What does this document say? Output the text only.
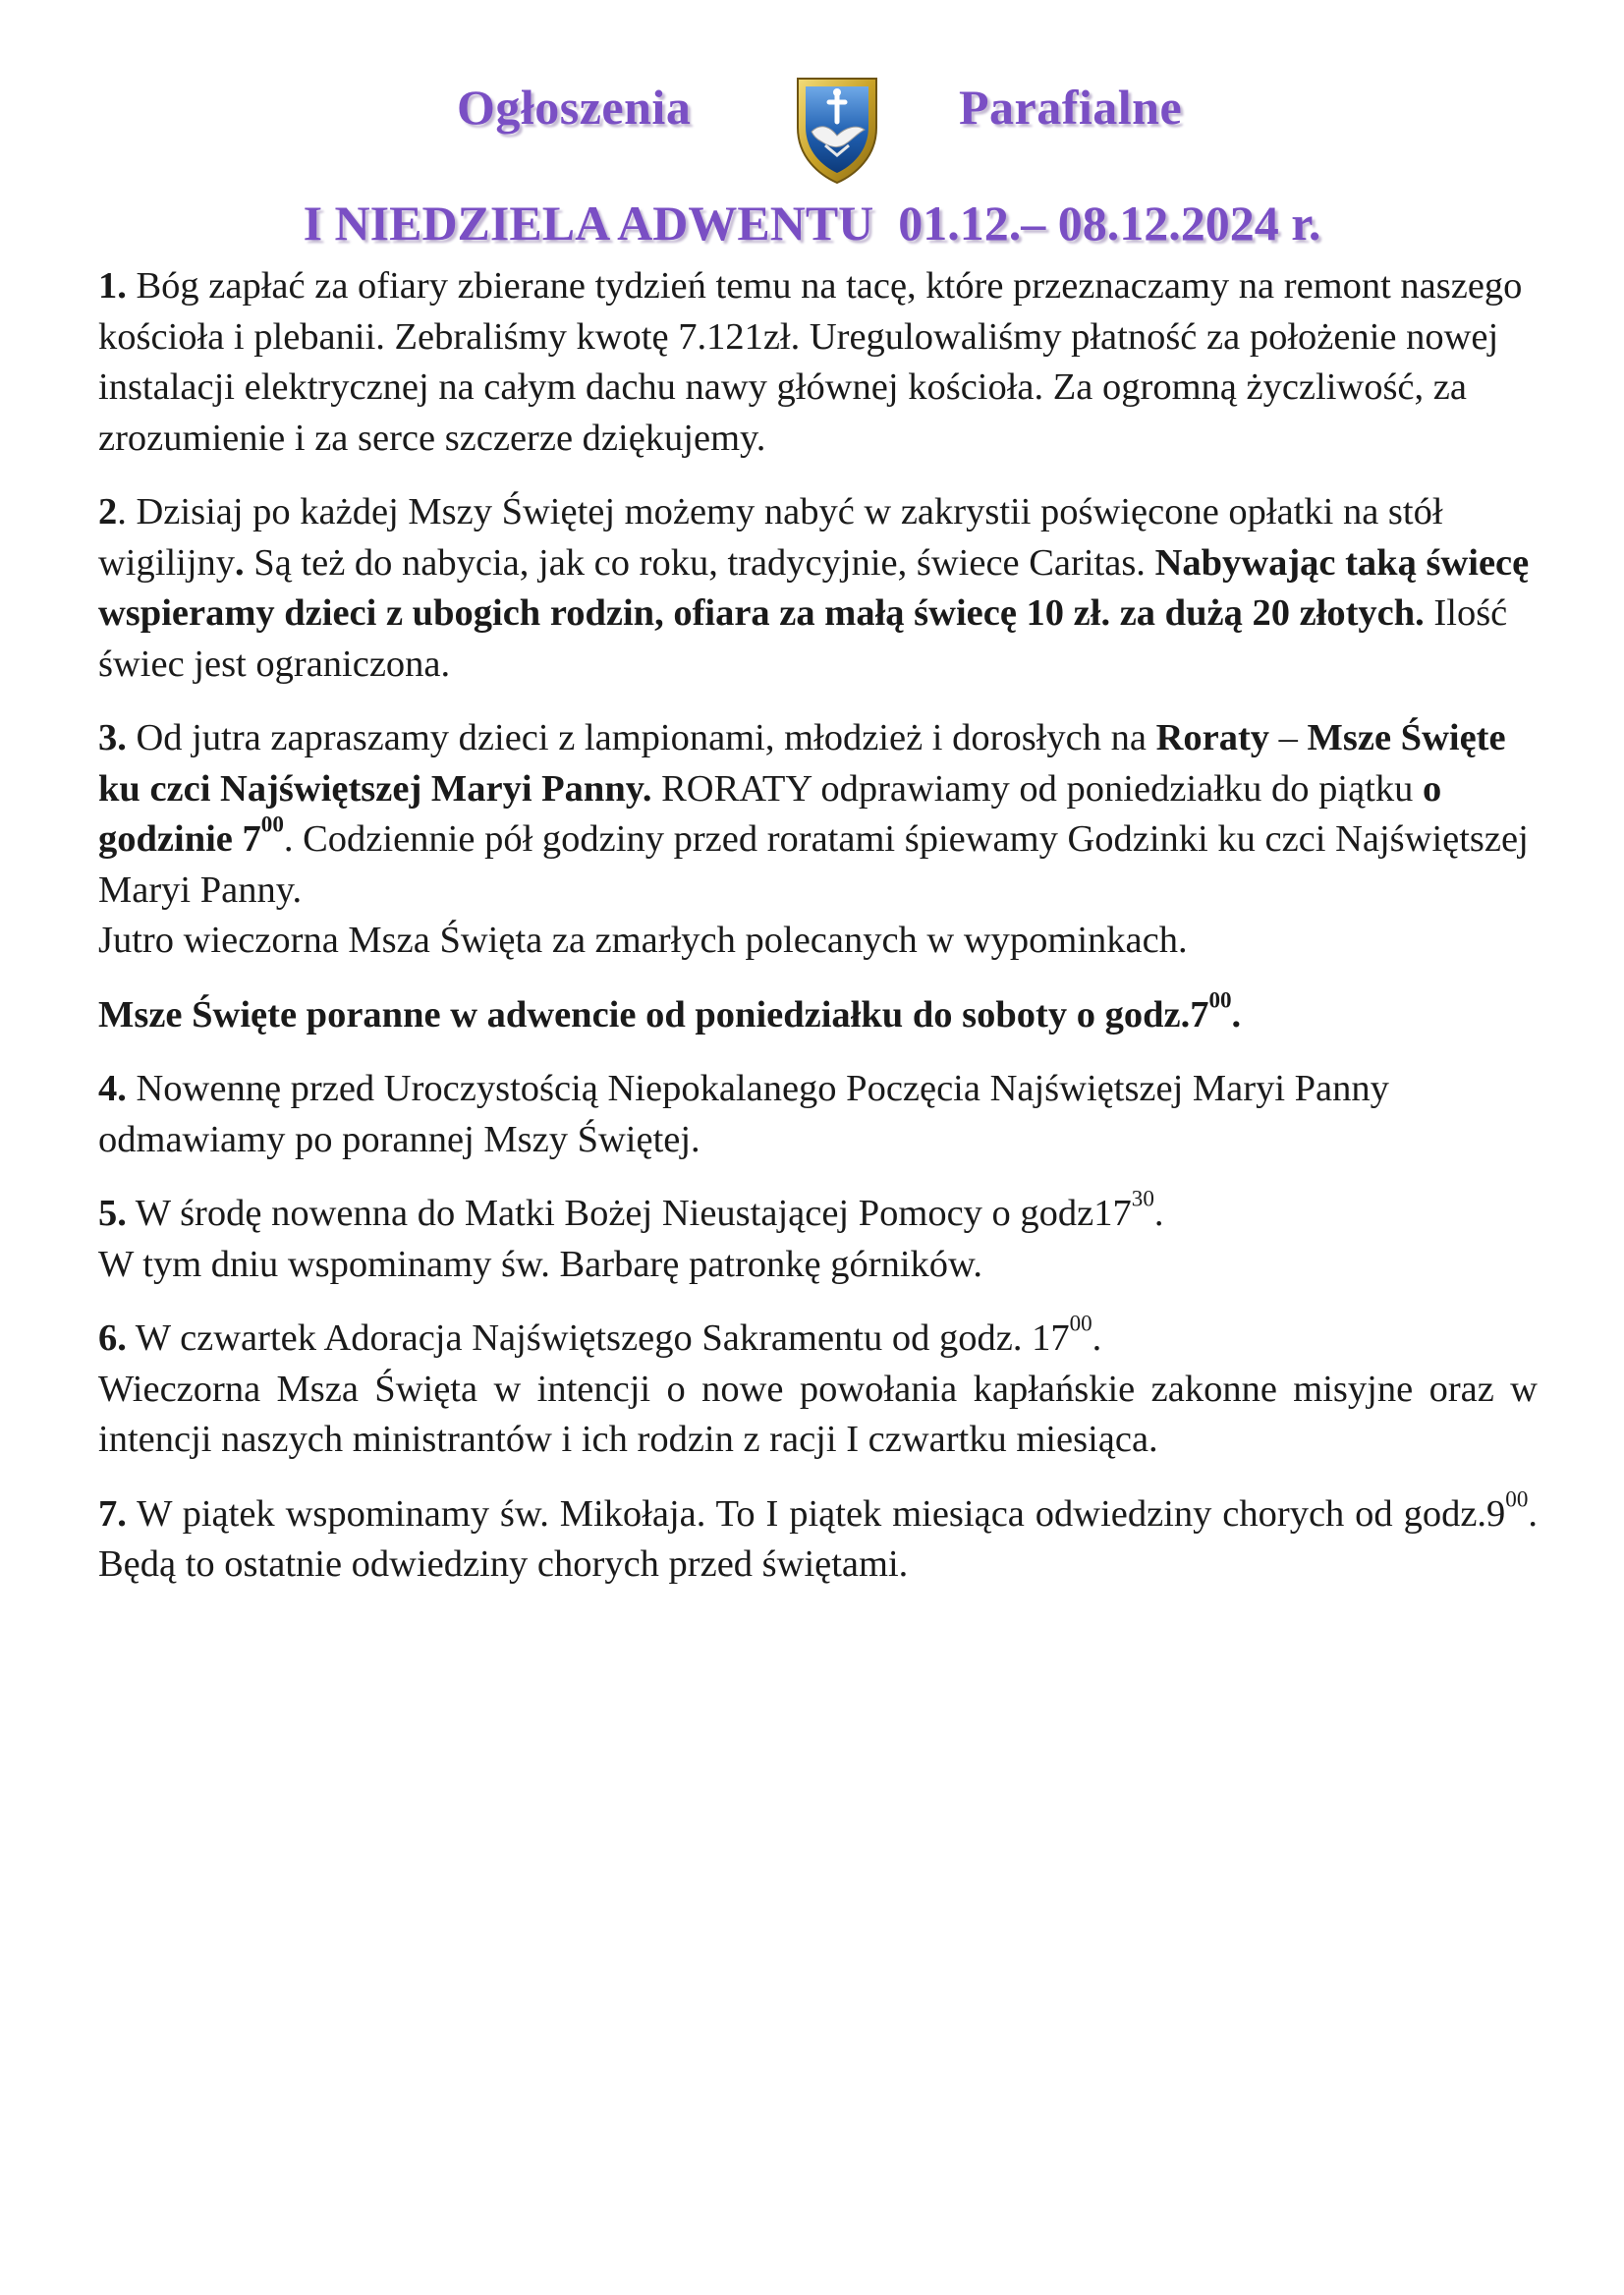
Ogłoszenia	Parafialne
I NIEDZIELA ADWENTU  01.12.– 08.12.2024 r.

1. Bóg zapłać za ofiary zbierane tydzień temu na tacę, które przeznaczamy na remont naszego kościoła i plebanii. Zebraliśmy kwotę 7.121zł. Uregulowaliśmy płatność za położenie nowej instalacji elektrycznej na całym dachu nawy głównej kościoła. Za ogromną życzliwość, za zrozumienie i za serce szczerze dziękujemy.

2. Dzisiaj po każdej Mszy Świętej możemy nabyć w zakrystii poświęcone opłatki na stół wigilijny. Są też do nabycia, jak co roku, tradycyjnie, świece Caritas. Nabywając taką świecę wspieramy dzieci z ubogich rodzin, ofiara za małą świecę 10 zł. za dużą 20 złotych. Ilość świec jest ograniczona.

3. Od jutra zapraszamy dzieci z lampionami, młodzież i dorosłych na Roraty – Msze Święte ku czci Najświętszej Maryi Panny. RORATY odprawiamy od poniedziałku do piątku o godzinie $7^{00}$. Codziennie pół godziny przed roratami śpiewamy Godzinki ku czci Najświętszej Maryi Panny.

Jutro wieczorna Msza Święta za zmarłych polecanych w wypominkach.

Msze Święte poranne w adwencie od poniedziałku do soboty o $godz.7^{00}$.

4. Nowennę przed Uroczystością Niepokalanego Poczęcia Najświętszej Maryi Panny odmawiamy po porannej Mszy Świętej.

5. W środę nowenna do Matki Bożej Nieustającej Pomocy o $godz17^{30}$.

W tym dniu wspominamy św. Barbarę patronkę górników.

6. W czwartek Adoracja Najświętszego Sakramentu od godz. $17^{00}$.

Wieczorna Msza Święta w intencji o nowe powołania kapłańskie zakonne misyjne oraz w intencji naszych ministrantów i ich rodzin z racji I czwartku miesiąca.

7. W piątek wspominamy św. Mikołaja. To I piątek miesiąca odwiedziny chorych od $godz.9^{00}$. Będą to ostatnie odwiedziny chorych przed świętami.
